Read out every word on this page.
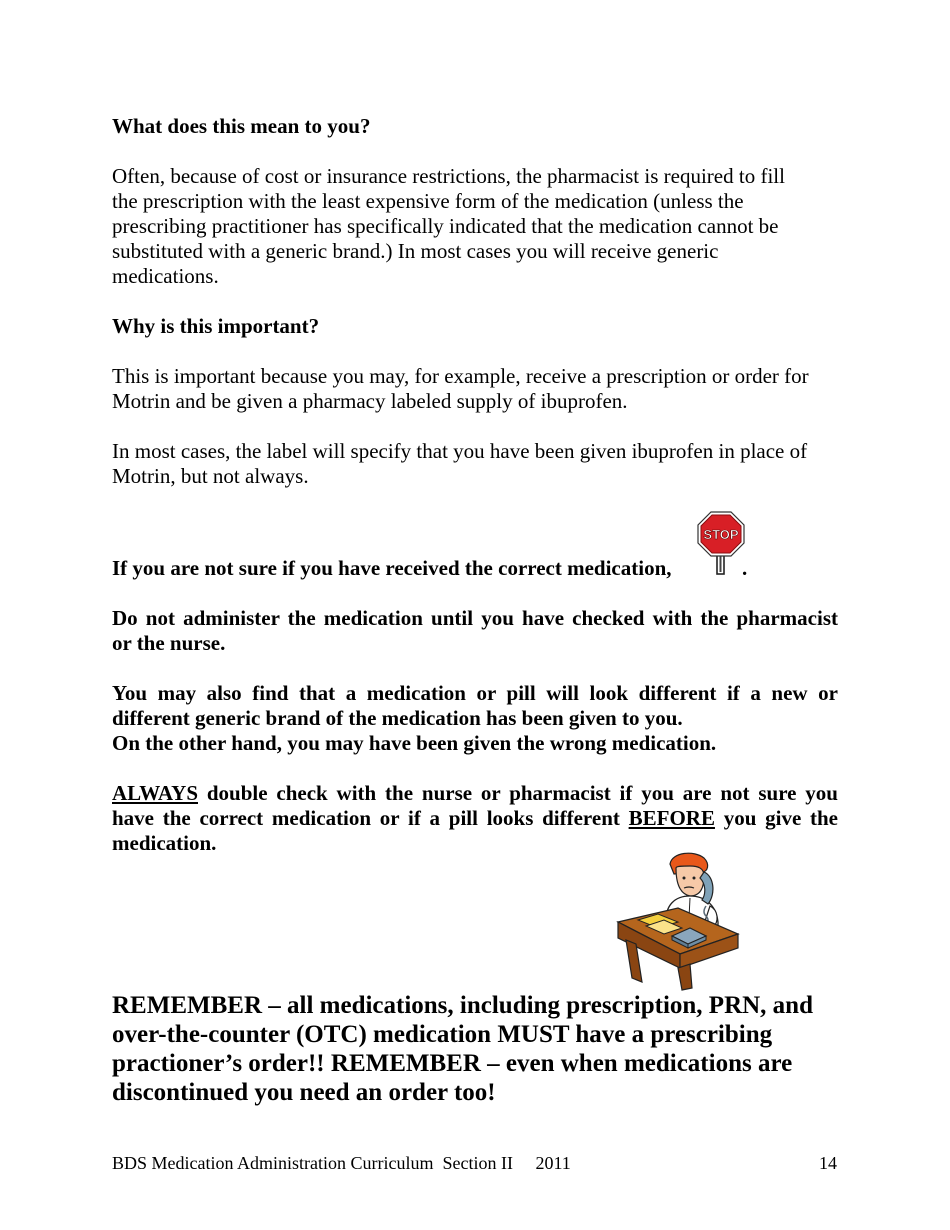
What does this mean to you?
Often, because of cost or insurance restrictions, the pharmacist is required to fill
the prescription with the least expensive form of the medication (unless the
prescribing practitioner has specifically indicated that the medication cannot be
substituted with a generic brand.) In most cases you will receive generic
medications.
Why is this important?
This is important because you may, for example, receive a prescription or order for
Motrin and be given a pharmacy labeled supply of ibuprofen.
In most cases, the label will specify that you have been given ibuprofen in place of
Motrin, but not always.
If you are not sure if you have received the correct medication,
STOP
.
Do not administer the medication until you have checked with the pharmacist
or the nurse.
You may also find that a medication or pill will look different if a new or
different generic brand of the medication has been given to you.
On the other hand, you may have been given the wrong medication.
ALWAYS double check with the nurse or pharmacist if you are not sure you
have the correct medication or if a pill looks different BEFORE you give the
medication.
REMEMBER – all medications, including prescription, PRN, and
over-the-counter (OTC) medication MUST have a prescribing
practioner’s order!! REMEMBER – even when medications are
discontinued you need an order too!
BDS Medication Administration Curriculum  Section II     2011	14
